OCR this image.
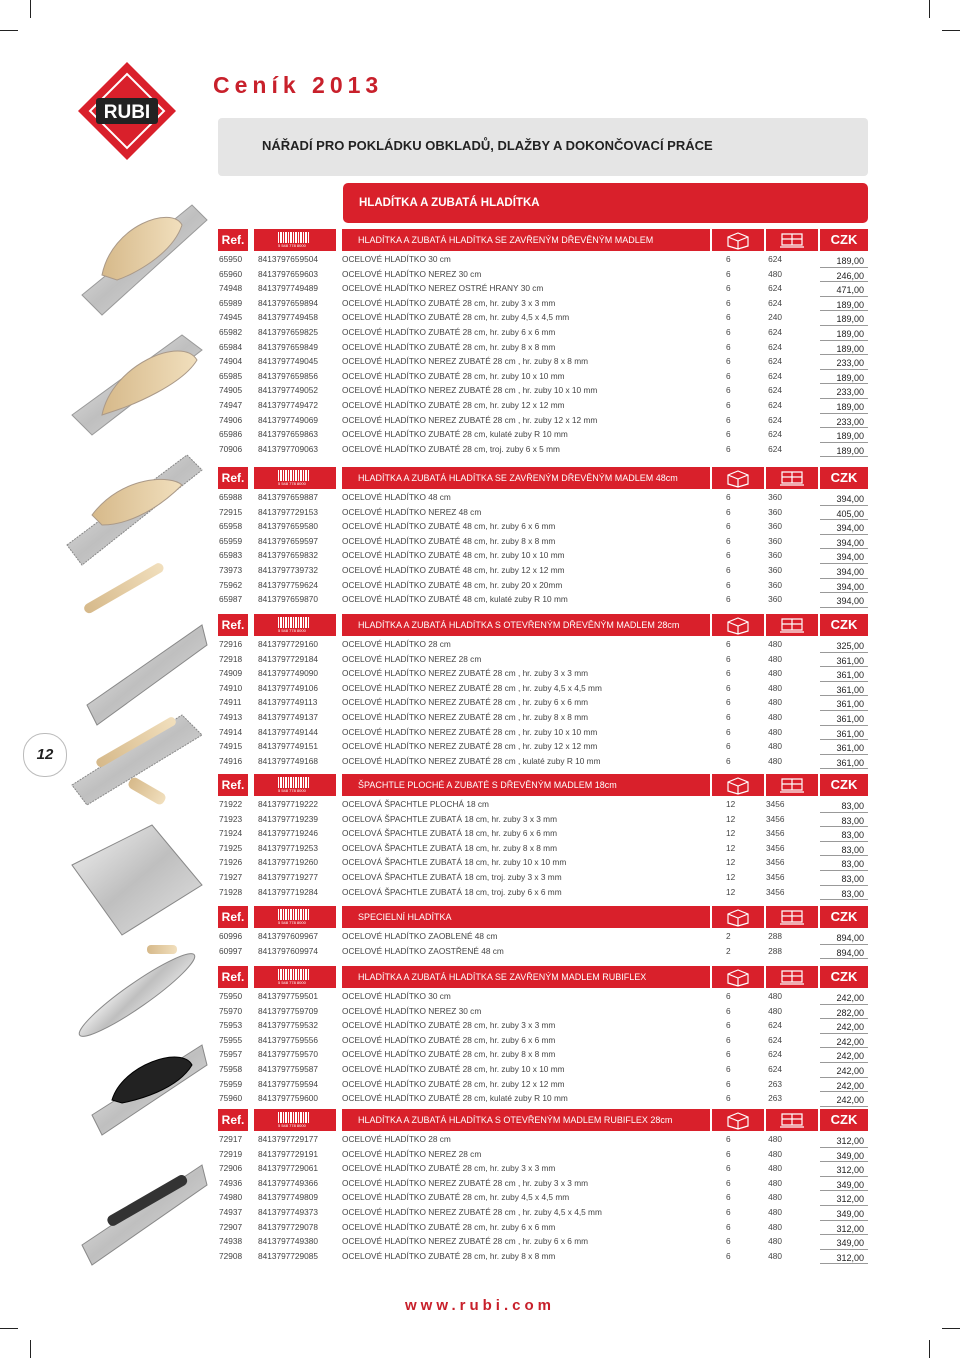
RUBI
Ceník 2013
NÁŘADÍ PRO POKLÁDKU OBKLADŮ, DLAŽBY A DOKONČOVACÍ PRÁCE
HLADÍTKA A ZUBATÁ HLADÍTKA
12
Ref.	5 548 778 8000
HLADÍTKA A ZUBATÁ HLADÍTKA SE ZAVŘENÝM DŘEVĚNÝM MADLEM	CZK
65950 8413797659504	OCELOVÉ HLADÍTKO 30 cm	6	624	189,00
65960 8413797659603	OCELOVÉ HLADÍTKO NEREZ 30 cm	6	480	246,00
74948 8413797749489	OCELOVÉ HLADÍTKO NEREZ OSTRÉ HRANY 30 cm	6	624	471,00
65989 8413797659894	OCELOVÉ HLADÍTKO ZUBATÉ 28 cm, hr. zuby 3 x 3 mm	6	624	189,00
74945 8413797749458	OCELOVÉ HLADÍTKO ZUBATÉ 28 cm, hr. zuby 4,5 x 4,5 mm	6	240	189,00
65982 8413797659825	OCELOVÉ HLADÍTKO ZUBATÉ 28 cm, hr. zuby 6 x 6 mm	6	624	189,00
65984 8413797659849	OCELOVÉ HLADÍTKO ZUBATÉ 28 cm, hr. zuby 8 x 8 mm	6	624	189,00
74904 8413797749045	OCELOVÉ HLADÍTKO NEREZ ZUBATÉ 28 cm , hr. zuby 8 x 8 mm	6	624	233,00
65985 8413797659856	OCELOVÉ HLADÍTKO ZUBATÉ 28 cm, hr. zuby 10 x 10 mm	6	624	189,00
74905 8413797749052	OCELOVÉ HLADÍTKO NEREZ ZUBATÉ 28 cm , hr. zuby 10 x 10 mm	6	624	233,00
74947 8413797749472	OCELOVÉ HLADÍTKO ZUBATÉ 28 cm, hr. zuby 12 x 12 mm	6	624	189,00
74906 8413797749069	OCELOVÉ HLADÍTKO NEREZ ZUBATÉ 28 cm , hr. zuby 12 x 12 mm	6	624	233,00
65986 8413797659863	OCELOVÉ HLADÍTKO ZUBATÉ 28 cm, kulaté zuby R 10 mm	6	624	189,00
70906 8413797709063	OCELOVÉ HLADÍTKO ZUBATÉ 28 cm, troj. zuby 6 x 5 mm	6	624	189,00
Ref.	5 548 778 8000
HLADÍTKA A ZUBATÁ HLADÍTKA SE ZAVŘENÝM DŘEVĚNÝM MADLEM 48cm	CZK
65988 8413797659887	OCELOVÉ HLADÍTKO 48 cm	6	360	394,00
72915 8413797729153	OCELOVÉ HLADÍTKO NEREZ 48 cm	6	360	405,00
65958 8413797659580	OCELOVÉ HLADÍTKO ZUBATÉ 48 cm, hr. zuby 6 x 6 mm	6	360	394,00
65959 8413797659597	OCELOVÉ HLADÍTKO ZUBATÉ 48 cm, hr. zuby 8 x 8 mm	6	360	394,00
65983 8413797659832	OCELOVÉ HLADÍTKO ZUBATÉ 48 cm, hr. zuby 10 x 10 mm	6	360	394,00
73973 8413797739732	OCELOVÉ HLADÍTKO ZUBATÉ 48 cm, hr. zuby 12 x 12 mm	6	360	394,00
75962 8413797759624	OCELOVÉ HLADÍTKO ZUBATÉ 48 cm, hr. zuby 20 x 20mm	6	360	394,00
65987 8413797659870	OCELOVÉ HLADÍTKO ZUBATÉ 48 cm, kulaté zuby R 10 mm	6	360	394,00
Ref.	5 548 778 8000
HLADÍTKA A ZUBATÁ HLADÍTKA S OTEVŘENÝM DŘEVĚNÝM MADLEM 28cm	CZK
72916 8413797729160	OCELOVÉ HLADÍTKO 28 cm	6	480	325,00
72918 8413797729184	OCELOVÉ HLADÍTKO NEREZ 28 cm	6	480	361,00
74909 8413797749090	OCELOVÉ HLADÍTKO NEREZ ZUBATÉ 28 cm , hr. zuby 3 x 3 mm	6	480	361,00
74910 8413797749106	OCELOVÉ HLADÍTKO NEREZ ZUBATÉ 28 cm , hr. zuby 4,5 x 4,5 mm	6	480	361,00
74911 8413797749113	OCELOVÉ HLADÍTKO NEREZ ZUBATÉ 28 cm , hr. zuby 6 x 6 mm	6	480	361,00
74913 8413797749137	OCELOVÉ HLADÍTKO NEREZ ZUBATÉ 28 cm , hr. zuby 8 x 8 mm	6	480	361,00
74914 8413797749144	OCELOVÉ HLADÍTKO NEREZ ZUBATÉ 28 cm , hr. zuby 10 x 10 mm	6	480	361,00
74915 8413797749151	OCELOVÉ HLADÍTKO NEREZ ZUBATÉ 28 cm , hr. zuby 12 x 12 mm	6	480	361,00
74916 8413797749168	OCELOVÉ HLADÍTKO NEREZ ZUBATÉ 28 cm , kulaté zuby R 10 mm	6	480	361,00
Ref.	5 548 778 8000
ŠPACHTLE PLOCHÉ A ZUBATÉ S DŘEVĚNÝM MADLEM 18cm	CZK
71922 8413797719222	OCELOVÁ ŠPACHTLE PLOCHÁ 18 cm	12	3456	83,00
71923 8413797719239	OCELOVÁ ŠPACHTLE ZUBATÁ 18 cm, hr. zuby 3 x 3 mm	12	3456	83,00
71924 8413797719246	OCELOVÁ ŠPACHTLE ZUBATÁ 18 cm, hr. zuby 6 x 6 mm	12	3456	83,00
71925 8413797719253	OCELOVÁ ŠPACHTLE ZUBATÁ 18 cm, hr. zuby 8 x 8 mm	12	3456	83,00
71926 8413797719260	OCELOVÁ ŠPACHTLE ZUBATÁ 18 cm, hr. zuby 10 x 10 mm	12	3456	83,00
71927 8413797719277	OCELOVÁ ŠPACHTLE ZUBATÁ 18 cm, troj. zuby 3 x 3 mm	12	3456	83,00
71928 8413797719284	OCELOVÁ ŠPACHTLE ZUBATÁ 18 cm, troj. zuby 6 x 6 mm	12	3456	83,00
Ref.	5 548 778 8000
SPECIELNÍ HLADÍTKA	CZK
60996 8413797609967	OCELOVÉ HLADÍTKO ZAOBLENÉ 48 cm	2	288	894,00
60997 8413797609974	OCELOVÉ HLADÍTKO ZAOSTŘENÉ 48 cm	2	288	894,00
Ref.	5 548 778 8000
HLADÍTKA A ZUBATÁ HLADÍTKA SE ZAVŘENÝM MADLEM RUBIFLEX	CZK
75950 8413797759501	OCELOVÉ HLADÍTKO 30 cm	6	480	242,00
75970 8413797759709	OCELOVÉ HLADÍTKO NEREZ 30 cm	6	480	282,00
75953 8413797759532	OCELOVÉ HLADÍTKO ZUBATÉ 28 cm, hr. zuby 3 x 3 mm	6	624	242,00
75955 8413797759556	OCELOVÉ HLADÍTKO ZUBATÉ 28 cm, hr. zuby 6 x 6 mm	6	624	242,00
75957 8413797759570	OCELOVÉ HLADÍTKO ZUBATÉ 28 cm, hr. zuby 8 x 8 mm	6	624	242,00
75958 8413797759587	OCELOVÉ HLADÍTKO ZUBATÉ 28 cm, hr. zuby 10 x 10 mm	6	624	242,00
75959 8413797759594	OCELOVÉ HLADÍTKO ZUBATÉ 28 cm, hr. zuby 12 x 12 mm	6	263	242,00
75960 8413797759600	OCELOVÉ HLADÍTKO ZUBATÉ 28 cm, kulaté zuby R 10 mm	6	263	242,00
Ref.	5 548 778 8000
HLADÍTKA A ZUBATÁ HLADÍTKA S OTEVŘENÝM MADLEM RUBIFLEX 28cm	CZK
72917 8413797729177	OCELOVÉ HLADÍTKO 28 cm	6	480	312,00
72919 8413797729191	OCELOVÉ HLADÍTKO NEREZ 28 cm	6	480	349,00
72906 8413797729061	OCELOVÉ HLADÍTKO ZUBATÉ 28 cm, hr. zuby 3 x 3 mm	6	480	312,00
74936 8413797749366	OCELOVÉ HLADÍTKO NEREZ ZUBATÉ 28 cm , hr. zuby 3 x 3 mm	6	480	349,00
74980 8413797749809	OCELOVÉ HLADÍTKO ZUBATÉ 28 cm, hr. zuby 4,5 x 4,5 mm	6	480	312,00
74937 8413797749373	OCELOVÉ HLADÍTKO NEREZ ZUBATÉ 28 cm , hr. zuby 4,5 x 4,5 mm	6	480	349,00
72907 8413797729078	OCELOVÉ HLADÍTKO ZUBATÉ 28 cm, hr. zuby 6 x 6 mm	6	480	312,00
74938 8413797749380	OCELOVÉ HLADÍTKO NEREZ ZUBATÉ 28 cm , hr. zuby 6 x 6 mm	6	480	349,00
72908 8413797729085	OCELOVÉ HLADÍTKO ZUBATÉ 28 cm, hr. zuby 8 x 8 mm	6	480	312,00
www.rubi.com
